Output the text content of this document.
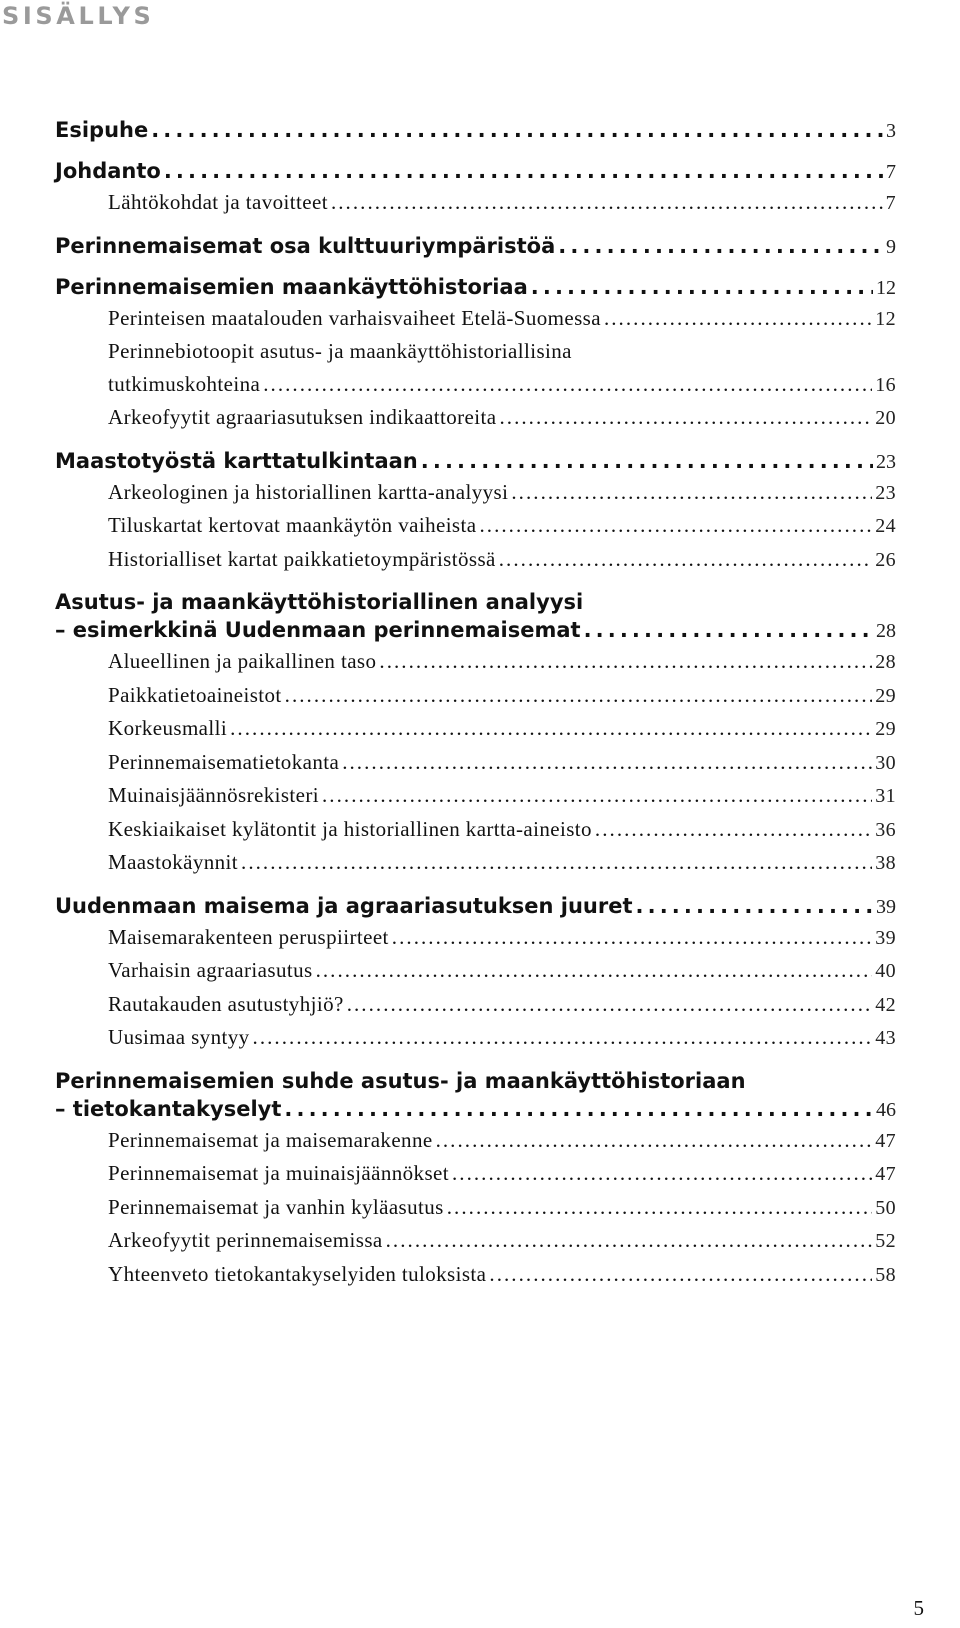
SISÄLLYS
Esipuhe . . .	3
Johdanto . . .	7
Lähtökohdat ja tavoitteet . . .	7
Perinnemaisemat osa kulttuuriympäristöä . . .	9
Perinnemaisemien maankäyttöhistoriaa . . .	12
Perinteisen maatalouden varhaisvaiheet Etelä-Suomessa . . .	12
Perinnebiotoopit asutus- ja maankäyttöhistoriallisina
tutkimuskohteina . . .	16
Arkeofyytit agraariasutuksen indikaattoreita . . .	20
Maastotyöstä karttatulkintaan . . .	23
Arkeologinen ja historiallinen kartta-analyysi . . .	23
Tiluskartat kertovat maankäytön vaiheista . . .	24
Historialliset kartat paikkatietoympäristössä . . .	26
Asutus- ja maankäyttöhistoriallinen analyysi
– esimerkkinä Uudenmaan perinnemaisemat . . .	28
Alueellinen ja paikallinen taso . . .	28
Paikkatietoaineistot . . .	29
Korkeusmalli . . .	29
Perinnemaisematietokanta . . .	30
Muinaisjäännösrekisteri . . .	31
Keskiaikaiset kylätontit ja historiallinen kartta-aineisto . . .	36
Maastokäynnit . . .	38
Uudenmaan maisema ja agraariasutuksen juuret . . .	39
Maisemarakenteen peruspiirteet . . .	39
Varhaisin agraariasutus . . .	40
Rautakauden asutustyhjiö? . . .	42
Uusimaa syntyy . . .	43
Perinnemaisemien suhde asutus- ja maankäyttöhistoriaan
– tietokantakyselyt . . .	46
Perinnemaisemat ja maisemarakenne . . .	47
Perinnemaisemat ja muinaisjäännökset . . .	47
Perinnemaisemat ja vanhin kyläasutus . . .	50
Arkeofyytit perinnemaisemissa . . .	52
Yhteenveto tietokantakyselyiden tuloksista . . .	58
5
